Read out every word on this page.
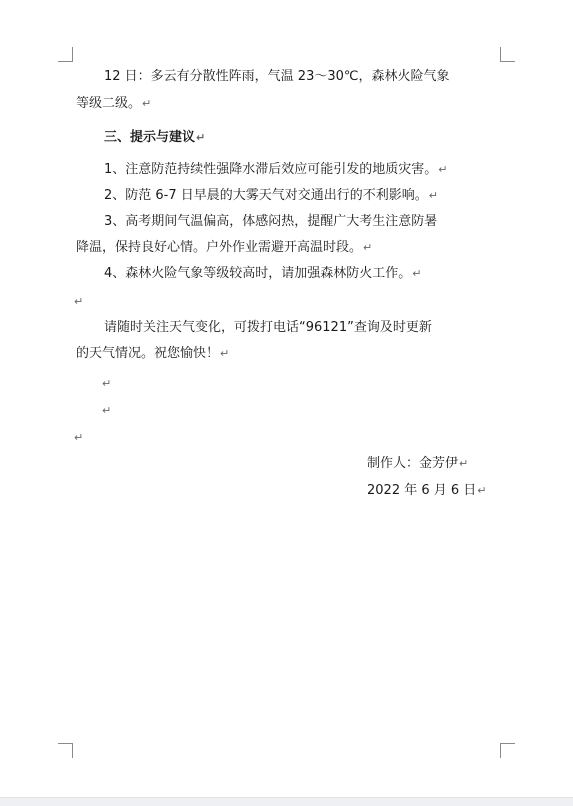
12 日：多云有分散性阵雨，气温 23～30℃，森林火险气象
等级二级。↵
三、提示与建议↵
1、注意防范持续性强降水滞后效应可能引发的地质灾害。↵
2、防范 6-7 日早晨的大雾天气对交通出行的不利影响。↵
3、高考期间气温偏高，体感闷热，提醒广大考生注意防暑
降温，保持良好心情。户外作业需避开高温时段。↵
4、森林火险气象等级较高时，请加强森林防火工作。↵
↵
请随时关注天气变化，可拨打电话“96121”查询及时更新
的天气情况。祝您愉快！↵
↵
↵
↵
制作人：金芳伊↵
2022 年 6 月 6 日↵
